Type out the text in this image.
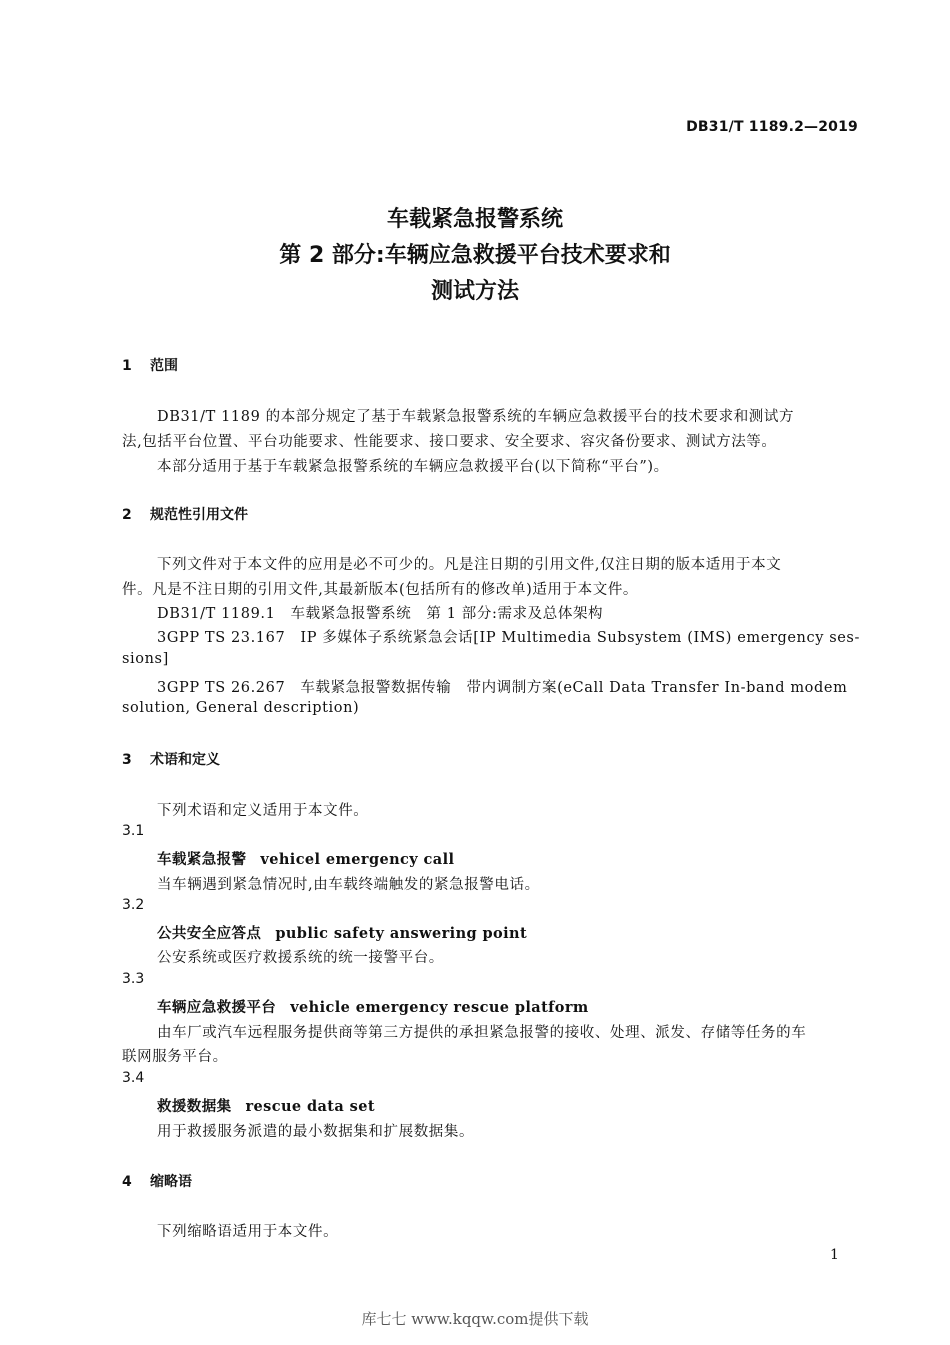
DB31/T 1189.2—2019
车载紧急报警系统
第 2 部分:车辆应急救援平台技术要求和
测试方法
1 范围
DB31/T 1189 的本部分规定了基于车载紧急报警系统的车辆应急救援平台的技术要求和测试方
法,包括平台位置、平台功能要求、性能要求、接口要求、安全要求、容灾备份要求、测试方法等。
本部分适用于基于车载紧急报警系统的车辆应急救援平台(以下简称“平台”)。
2 规范性引用文件
下列文件对于本文件的应用是必不可少的。凡是注日期的引用文件,仅注日期的版本适用于本文
件。凡是不注日期的引用文件,其最新版本(包括所有的修改单)适用于本文件。
DB31/T 1189.1　车载紧急报警系统　第 1 部分:需求及总体架构
3GPP TS 23.167　IP 多媒体子系统紧急会话[IP Multimedia Subsystem (IMS) emergency ses-
sions]
3GPP TS 26.267　车载紧急报警数据传输　带内调制方案(eCall Data Transfer In-band modem
solution, General description)
3 术语和定义
下列术语和定义适用于本文件。
3.1
车载紧急报警 vehicel emergency call
当车辆遇到紧急情况时,由车载终端触发的紧急报警电话。
3.2
公共安全应答点 public safety answering point
公安系统或医疗救援系统的统一接警平台。
3.3
车辆应急救援平台 vehicle emergency rescue platform
由车厂或汽车远程服务提供商等第三方提供的承担紧急报警的接收、处理、派发、存储等任务的车
联网服务平台。
3.4
救援数据集 rescue data set
用于救援服务派遣的最小数据集和扩展数据集。
4 缩略语
下列缩略语适用于本文件。
1
库七七 www.kqqw.com提供下载
